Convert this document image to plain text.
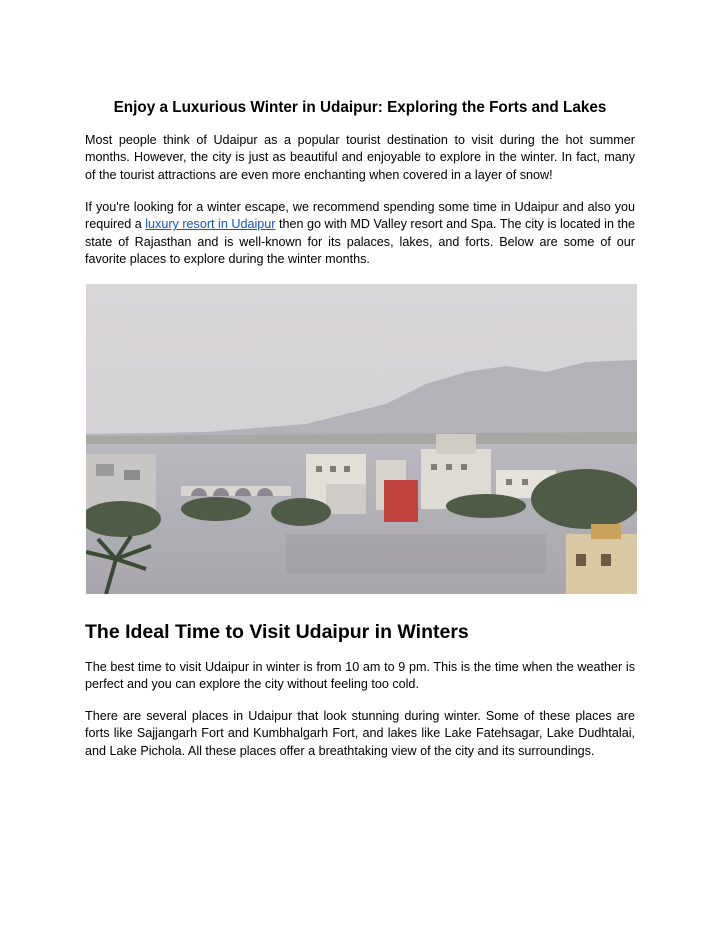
Enjoy a Luxurious Winter in Udaipur: Exploring the Forts and Lakes

Most people think of Udaipur as a popular tourist destination to visit during the hot summer months. However, the city is just as beautiful and enjoyable to explore in the winter. In fact, many of the tourist attractions are even more enchanting when covered in a layer of snow!

If you're looking for a winter escape, we recommend spending some time in Udaipur and also you required a luxury resort in Udaipur then go with MD Valley resort and Spa. The city is located in the state of Rajasthan and is well-known for its palaces, lakes, and forts. Below are some of our favorite places to explore during the winter months.

The Ideal Time to Visit Udaipur in Winters

The best time to visit Udaipur in winter is from 10 am to 9 pm. This is the time when the weather is perfect and you can explore the city without feeling too cold.

There are several places in Udaipur that look stunning during winter. Some of these places are forts like Sajjangarh Fort and Kumbhalgarh Fort, and lakes like Lake Fatehsagar, Lake Dudhtalai, and Lake Pichola. All these places offer a breathtaking view of the city and its surroundings.
